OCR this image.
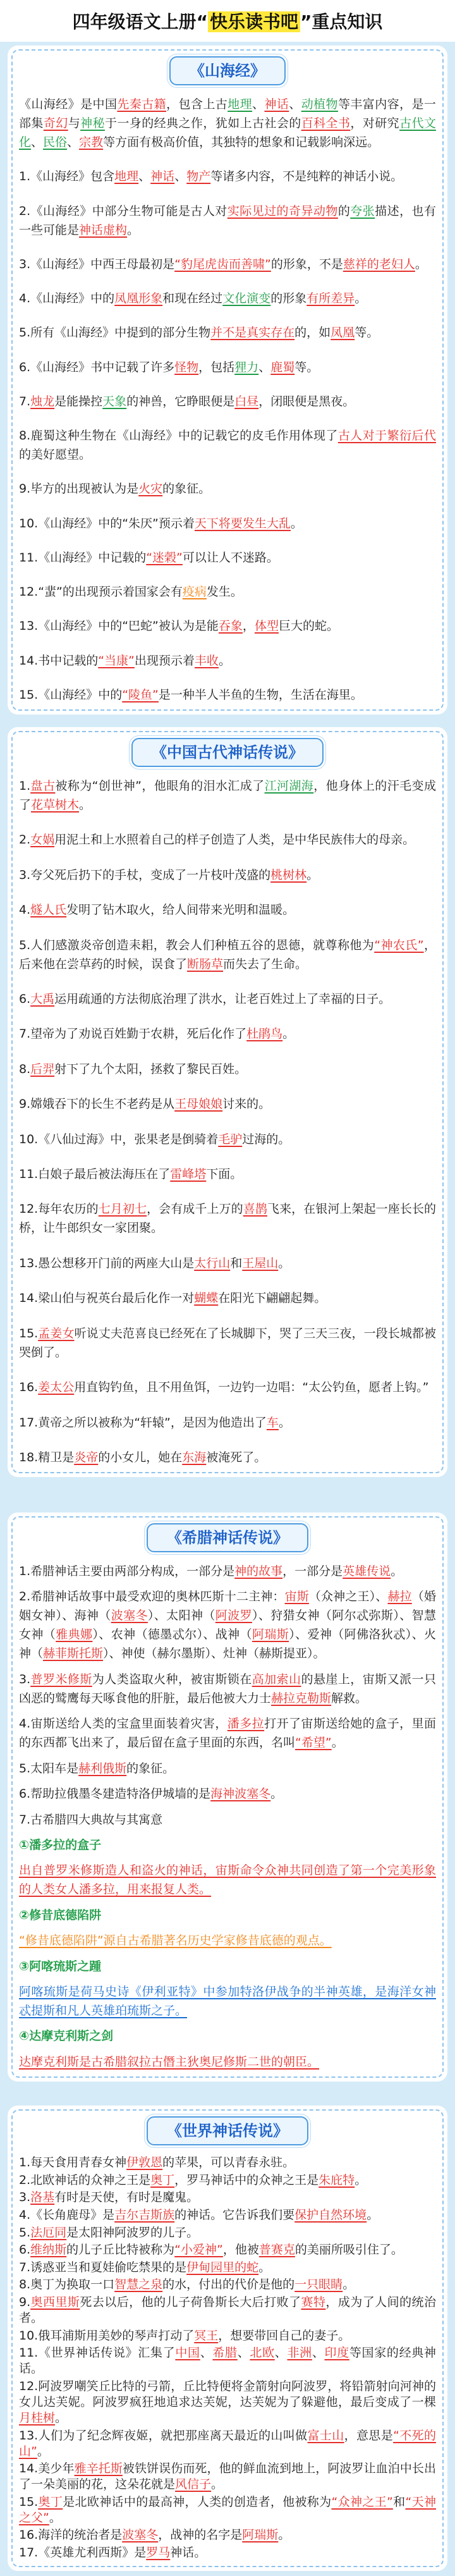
四年级语文上册“ 快乐读书吧 ”重点知识
《山海经》
《山海经》是中国先秦古籍，包含上古地理、神话、动植物等丰富内容，是一部集奇幻与神秘于一身的经典之作，犹如上古社会的百科全书，对研究古代文化、民俗、宗教等方面有极高价值，其独特的想象和记载影响深远。
1.《山海经》包含地理、神话、物产等诸多内容，不是纯粹的神话小说。
2.《山海经》中部分生物可能是古人对实际见过的奇异动物的夸张描述，也有一些可能是神话虚构。
3.《山海经》中西王母最初是“豹尾虎齿而善啸”的形象，不是慈祥的老妇人。
4.《山海经》中的凤凰形象和现在经过文化演变的形象有所差异。
5.所有《山海经》中提到的部分生物并不是真实存在的，如凤凰等。
6.《山海经》书中记载了许多怪物，包括狸力、鹿蜀等。
7.烛龙是能操控天象的神兽，它睁眼便是白昼，闭眼便是黑夜。
8.鹿蜀这种生物在《山海经》中的记载它的皮毛作用体现了古人对于繁衍后代的美好愿望。
9.毕方的出现被认为是火灾的象征。
10.《山海经》中的“朱厌”预示着天下将要发生大乱。
11.《山海经》中记载的“迷榖”可以让人不迷路。
12.“蜚”的出现预示着国家会有疫病发生。
13.《山海经》中的“巴蛇”被认为是能吞象，体型巨大的蛇。
14.书中记载的“当康”出现预示着丰收。
15.《山海经》中的“陵鱼”是一种半人半鱼的生物，生活在海里。
《中国古代神话传说》
1.盘古被称为“创世神”，他眼角的泪水汇成了江河湖海，他身体上的汗毛变成了花草树木。
2.女娲用泥土和上水照着自己的样子创造了人类，是中华民族伟大的母亲。
3.夸父死后扔下的手杖，变成了一片枝叶茂盛的桃树林。
4.燧人氏发明了钻木取火，给人间带来光明和温暖。
5.人们感激炎帝创造耒耜，教会人们种植五谷的恩德，就尊称他为“神农氏”，后来他在尝草药的时候，误食了断肠草而失去了生命。
6.大禹运用疏通的方法彻底治理了洪水，让老百姓过上了幸福的日子。
7.望帝为了劝说百姓勤于农耕，死后化作了杜鹃鸟。
8.后羿射下了九个太阳，拯救了黎民百姓。
9.嫦娥吞下的长生不老药是从王母娘娘讨来的。
10.《八仙过海》中，张果老是倒骑着毛驴过海的。
11.白娘子最后被法海压在了雷峰塔下面。
12.每年农历的七月初七，会有成千上万的喜鹊飞来，在银河上架起一座长长的桥，让牛郎织女一家团聚。
13.愚公想移开门前的两座大山是太行山和王屋山。
14.梁山伯与祝英台最后化作一对蝴蝶在阳光下翩翩起舞。
15.孟姜女听说丈夫范喜良已经死在了长城脚下，哭了三天三夜，一段长城都被哭倒了。
16.姜太公用直钩钓鱼，且不用鱼饵，一边钓一边唱：“太公钓鱼，愿者上钩。”
17.黄帝之所以被称为“轩辕”，是因为他造出了车。
18.精卫是炎帝的小女儿，她在东海被淹死了。
《希腊神话传说》
1.希腊神话主要由两部分构成，一部分是神的故事，一部分是英雄传说。
2.希腊神话故事中最受欢迎的奥林匹斯十二主神：宙斯（众神之王）、赫拉（婚姻女神）、海神（波塞冬）、太阳神（阿波罗）、狩猎女神（阿尔忒弥斯）、智慧女神（雅典娜）、农神（德墨忒尔）、战神（阿瑞斯）、爱神（阿佛洛狄忒）、火神（赫菲斯托斯）、神使（赫尔墨斯）、灶神（赫斯提亚）。
3.普罗米修斯为人类盗取火种，被宙斯锁在高加索山的悬崖上，宙斯又派一只凶恶的鹫鹰每天啄食他的肝脏，最后他被大力士赫拉克勒斯解救。
4.宙斯送给人类的宝盒里面装着灾害，潘多拉打开了宙斯送给她的盒子，里面的东西都飞出来了，最后留在盒子里面的东西，名叫“希望”。
5.太阳车是赫利俄斯的象征。
6.帮助拉俄墨冬建造特洛伊城墙的是海神波塞冬。
7.古希腊四大典故与其寓意
①潘多拉的盒子
出自普罗米修斯造人和盗火的神话，宙斯命令众神共同创造了第一个完美形象的人类女人潘多拉，用来报复人类。
②修昔底德陷阱
“修昔底德陷阱”源自古希腊著名历史学家修昔底德的观点。
③阿喀琉斯之踵
阿喀琉斯是荷马史诗《伊利亚特》中参加特洛伊战争的半神英雄，是海洋女神忒提斯和凡人英雄珀琉斯之子。
④达摩克利斯之剑
达摩克利斯是古希腊叙拉古僭主狄奥尼修斯二世的朝臣。
《世界神话传说》
1.每天食用青春女神伊敦恩的苹果，可以青春永驻。
2.北欧神话的众神之王是奥丁，罗马神话中的众神之王是朱庇特。
3.洛基有时是天使，有时是魔鬼。
4.《长角鹿母》是吉尔吉斯族的神话。它告诉我们要保护自然环境。
5.法厄同是太阳神阿波罗的儿子。
6.维纳斯的儿子丘比特被称为“小爱神”，他被普赛克的美丽所吸引住了。
7.诱惑亚当和夏娃偷吃禁果的是伊甸园里的蛇。
8.奥丁为换取一口智慧之泉的水，付出的代价是他的一只眼睛。
9.奥西里斯死去以后，他的儿子荷鲁斯长大后打败了赛特，成为了人间的统治者。
10.俄耳浦斯用美妙的琴声打动了冥王，想要带回自己的妻子。
11.《世界神话传说》汇集了中国、希腊、北欧、非洲、印度等国家的经典神话。
12.阿波罗嘲笑丘比特的弓箭，丘比特便将金箭射向阿波罗，将铅箭射向河神的女儿达芙妮。阿波罗疯狂地追求达芙妮，达芙妮为了躲避他，最后变成了一棵月桂树。
13.人们为了纪念辉夜姬，就把那座离天最近的山叫做富士山，意思是“不死的山”。
14.美少年雅辛托斯被铁饼误伤而死，他的鲜血流到地上，阿波罗让血泊中长出了一朵美丽的花，这朵花就是风信子。
15.奥丁是北欧神话中的最高神，人类的创造者，他被称为“众神之王”和“天神之父”。
16.海洋的统治者是波塞冬，战神的名字是阿瑞斯。
17.《英雄尤利西斯》是罗马神话。
